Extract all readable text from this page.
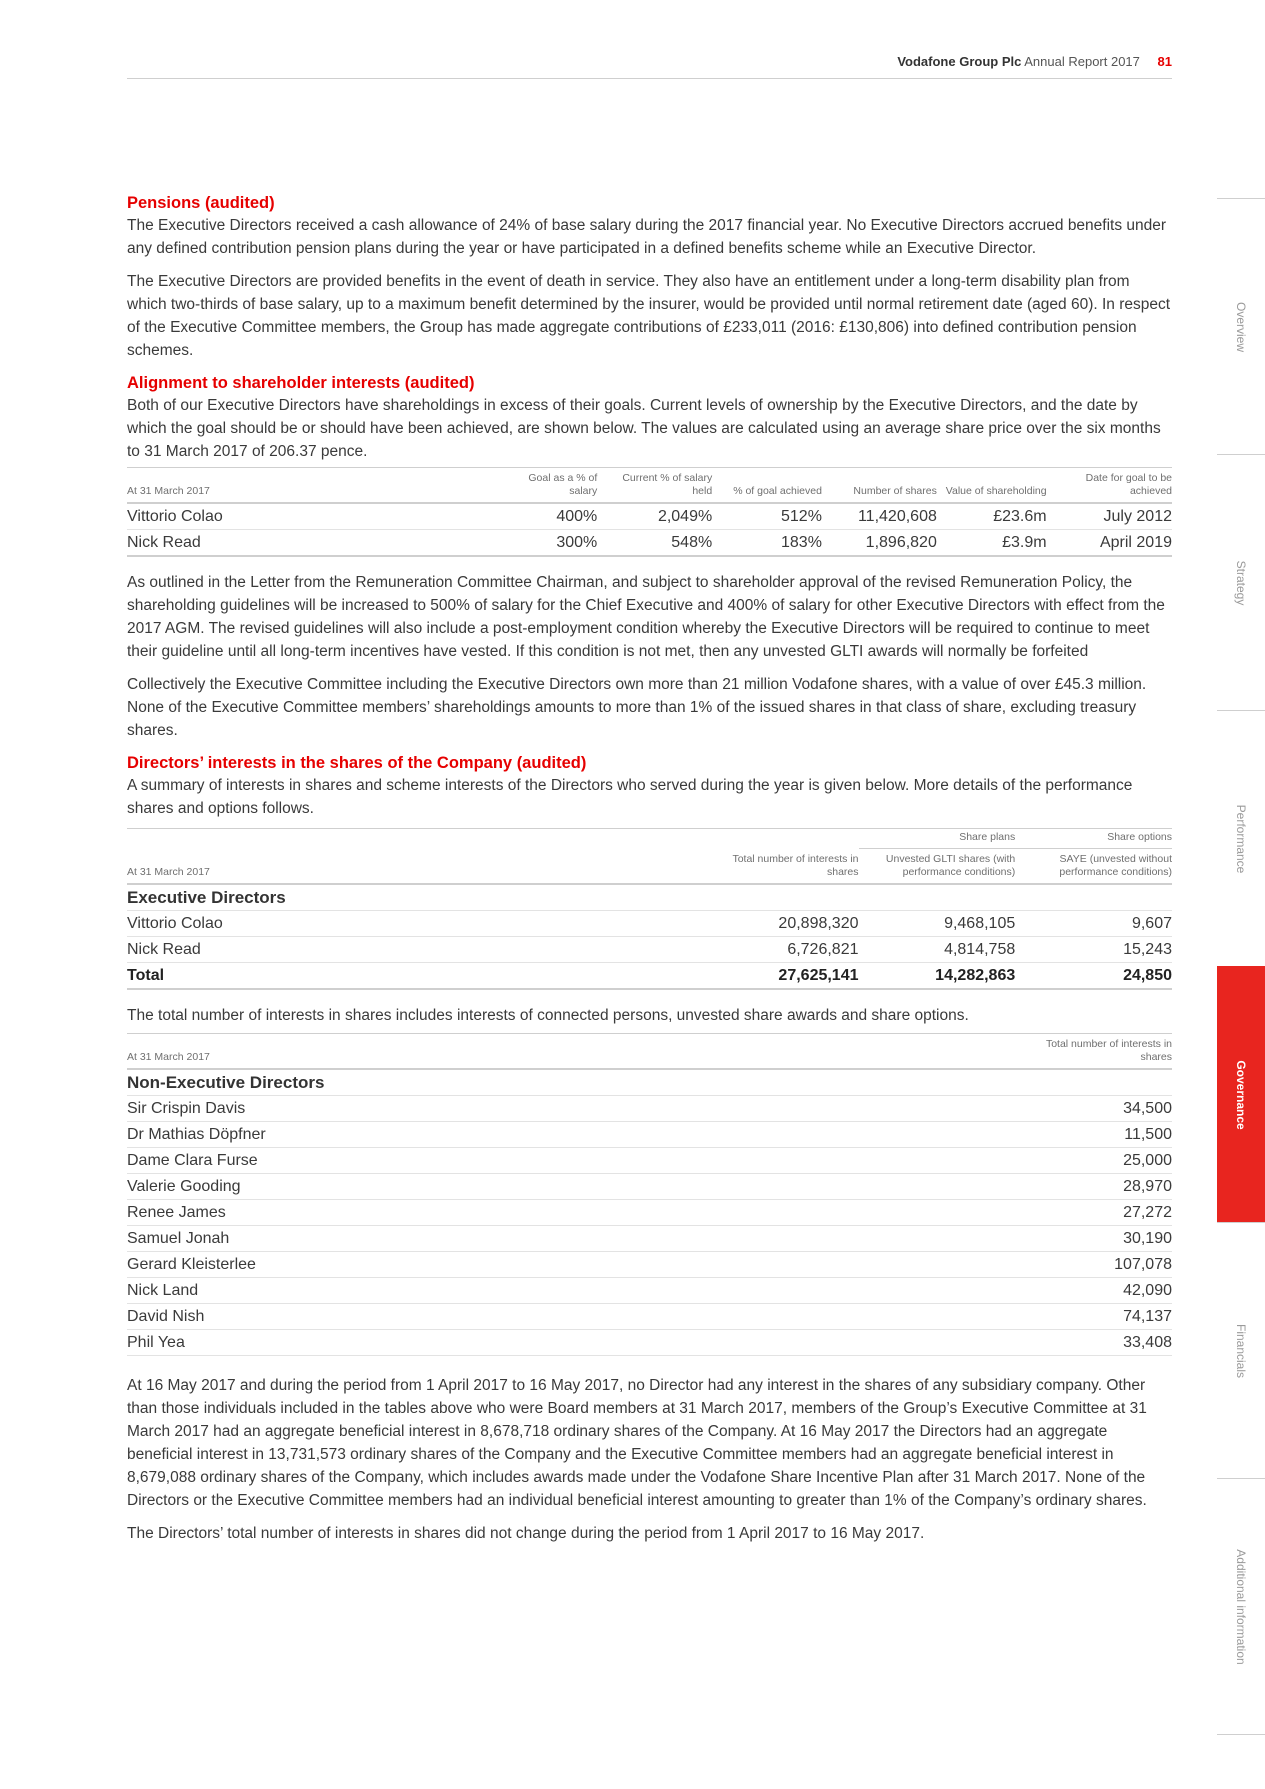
Vodafone Group Plc Annual Report 2017 81
Pensions (audited)

The Executive Directors received a cash allowance of 24% of base salary during the 2017 financial year. No Executive Directors accrued benefits under any defined contribution pension plans during the year or have participated in a defined benefits scheme while an Executive Director.

The Executive Directors are provided benefits in the event of death in service. They also have an entitlement under a long-term disability plan from which two-thirds of base salary, up to a maximum benefit determined by the insurer, would be provided until normal retirement date (aged 60). In respect of the Executive Committee members, the Group has made aggregate contributions of £233,011 (2016: £130,806) into defined contribution pension schemes.

Alignment to shareholder interests (audited)

Both of our Executive Directors have shareholdings in excess of their goals. Current levels of ownership by the Executive Directors, and the date by which the goal should be or should have been achieved, are shown below. The values are calculated using an average share price over the six months to 31 March 2017 of 206.37 pence.

At 31 March 2017	Goal as a % of salary	Current % of salary held	% of goal achieved	Number of shares	Value of shareholding	Date for goal to be achieved
Vittorio Colao	400%	2,049%	512%	11,420,608	£23.6m	July 2012
Nick Read	300%	548%	183%	1,896,820	£3.9m	April 2019

As outlined in the Letter from the Remuneration Committee Chairman, and subject to shareholder approval of the revised Remuneration Policy, the shareholding guidelines will be increased to 500% of salary for the Chief Executive and 400% of salary for other Executive Directors with effect from the 2017 AGM. The revised guidelines will also include a post-employment condition whereby the Executive Directors will be required to continue to meet their guideline until all long-term incentives have vested. If this condition is not met, then any unvested GLTI awards will normally be forfeited

Collectively the Executive Committee including the Executive Directors own more than 21 million Vodafone shares, with a value of over £45.3 million. None of the Executive Committee members’ shareholdings amounts to more than 1% of the issued shares in that class of share, excluding treasury shares.

Directors’ interests in the shares of the Company (audited)

A summary of interests in shares and scheme interests of the Directors who served during the year is given below. More details of the performance shares and options follows.

		Share plans	Share options
At 31 March 2017	Total number of interests in shares	Unvested GLTI shares (with performance conditions)	SAYE (unvested without performance conditions)
Executive Directors			
Vittorio Colao	20,898,320	9,468,105	9,607
Nick Read	6,726,821	4,814,758	15,243
Total	27,625,141	14,282,863	24,850

The total number of interests in shares includes interests of connected persons, unvested share awards and share options.

At 31 March 2017	Total number of interests in shares
Non-Executive Directors	
Sir Crispin Davis	34,500
Dr Mathias Döpfner	11,500
Dame Clara Furse	25,000
Valerie Gooding	28,970
Renee James	27,272
Samuel Jonah	30,190
Gerard Kleisterlee	107,078
Nick Land	42,090
David Nish	74,137
Phil Yea	33,408

At 16 May 2017 and during the period from 1 April 2017 to 16 May 2017, no Director had any interest in the shares of any subsidiary company. Other than those individuals included in the tables above who were Board members at 31 March 2017, members of the Group’s Executive Committee at 31 March 2017 had an aggregate beneficial interest in 8,678,718 ordinary shares of the Company. At 16 May 2017 the Directors had an aggregate beneficial interest in 13,731,573 ordinary shares of the Company and the Executive Committee members had an aggregate beneficial interest in 8,679,088 ordinary shares of the Company, which includes awards made under the Vodafone Share Incentive Plan after 31 March 2017. None of the Directors or the Executive Committee members had an individual beneficial interest amounting to greater than 1% of the Company’s ordinary shares.

The Directors’ total number of interests in shares did not change during the period from 1 April 2017 to 16 May 2017.

Overview
Strategy
Performance
Governance
Financials
Additional information
